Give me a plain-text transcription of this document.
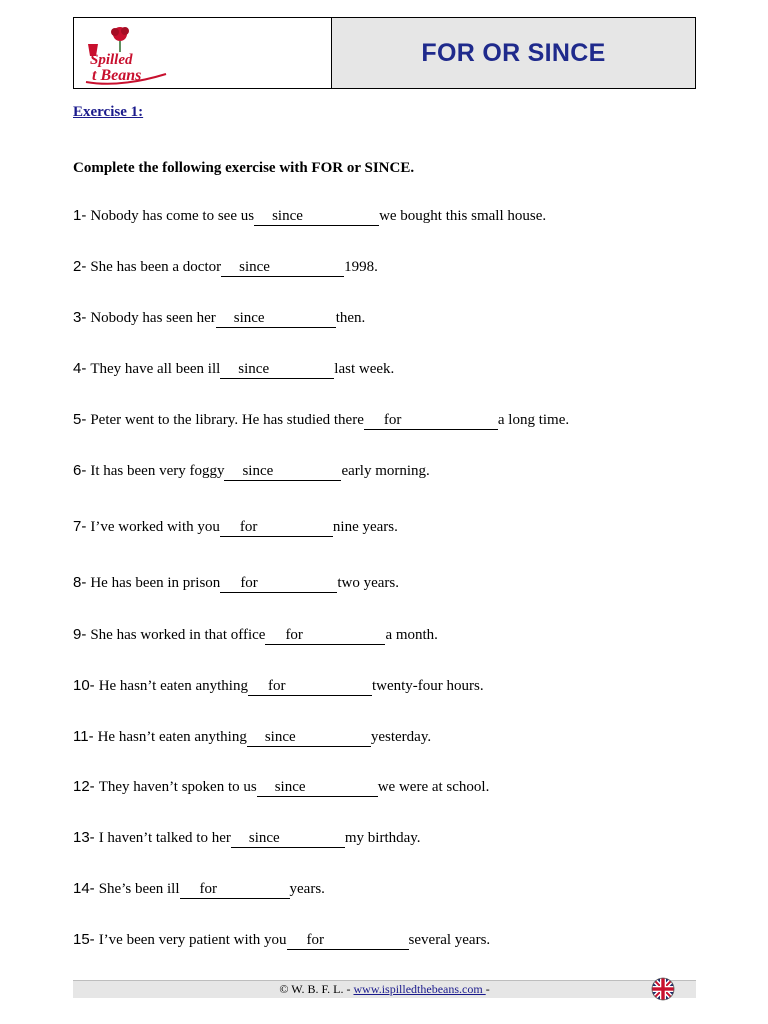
Spilled
t Beans
FOR OR SINCE
Exercise 1:
Complete the following exercise with FOR or SINCE.
1- Nobody has come to see us	since	we bought this small house.
2- She has been a doctor	since	1998.
3- Nobody has seen her	since	then.
4- They have all been ill	since	last week.
5- Peter went to the library. He has studied there	for	a long time.
6- It has been very foggy	since	early morning.
7- I’ve worked with you	for	nine years.
8- He has been in prison	for	two years.
9- She has worked in that office	for	a month.
10- He hasn’t eaten anything	for	twenty-four hours.
11- He hasn’t eaten anything	since	yesterday.
12- They haven’t spoken to us	since	we were at school.
13- I haven’t talked to her	since	my birthday.
14- She’s been ill	for	years.
15- I’ve been very patient with you	for	several years.
© W. B. F. L. - www.ispilledthebeans.com -
